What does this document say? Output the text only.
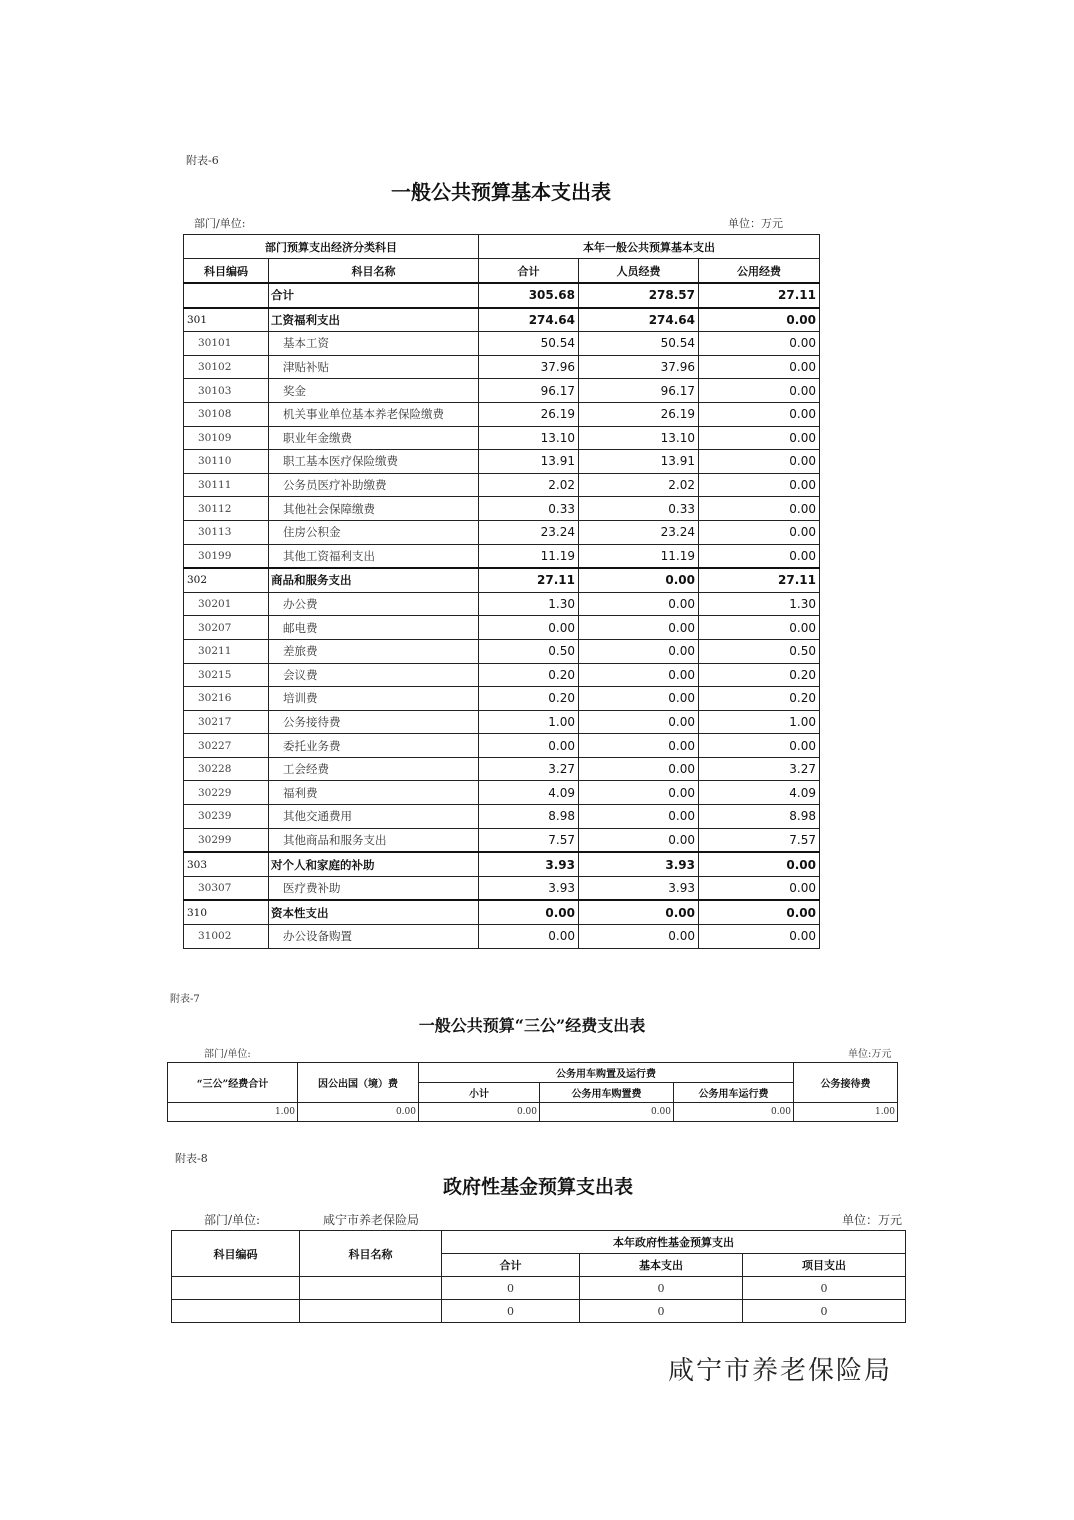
附表-6
一般公共预算基本支出表
部门/单位:	单位：万元
部门预算支出经济分类科目		本年一般公共预算基本支出		
科目编码	科目名称	合计	人员经费	公用经费
	合计	305.68	278.57	27.11
301	工资福利支出	274.64	274.64	0.00
30101	基本工资	50.54	50.54	0.00
30102	津贴补贴	37.96	37.96	0.00
30103	奖金	96.17	96.17	0.00
30108	机关事业单位基本养老保险缴费	26.19	26.19	0.00
30109	职业年金缴费	13.10	13.10	0.00
30110	职工基本医疗保险缴费	13.91	13.91	0.00
30111	公务员医疗补助缴费	2.02	2.02	0.00
30112	其他社会保障缴费	0.33	0.33	0.00
30113	住房公积金	23.24	23.24	0.00
30199	其他工资福利支出	11.19	11.19	0.00
302	商品和服务支出	27.11	0.00	27.11
30201	办公费	1.30	0.00	1.30
30207	邮电费	0.00	0.00	0.00
30211	差旅费	0.50	0.00	0.50
30215	会议费	0.20	0.00	0.20
30216	培训费	0.20	0.00	0.20
30217	公务接待费	1.00	0.00	1.00
30227	委托业务费	0.00	0.00	0.00
30228	工会经费	3.27	0.00	3.27
30229	福利费	4.09	0.00	4.09
30239	其他交通费用	8.98	0.00	8.98
30299	其他商品和服务支出	7.57	0.00	7.57
303	对个人和家庭的补助	3.93	3.93	0.00
30307	医疗费补助	3.93	3.93	0.00
310	资本性支出	0.00	0.00	0.00
31002	办公设备购置	0.00	0.00	0.00
附表-7
一般公共预算“三公”经费支出表
部门/单位:	单位:万元
“三公”经费合计	因公出国（境）费	公务用车购置及运行费			公务接待费
		小计	公务用车购置费	公务用车运行费	
1.00	0.00	0.00	0.00	0.00	1.00
附表-8
政府性基金预算支出表
部门/单位:	咸宁市养老保险局	单位：万元
科目编码	科目名称	本年政府性基金预算支出		
		合计	基本支出	项目支出
		0	0	0
		0	0	0
咸宁市养老保险局
